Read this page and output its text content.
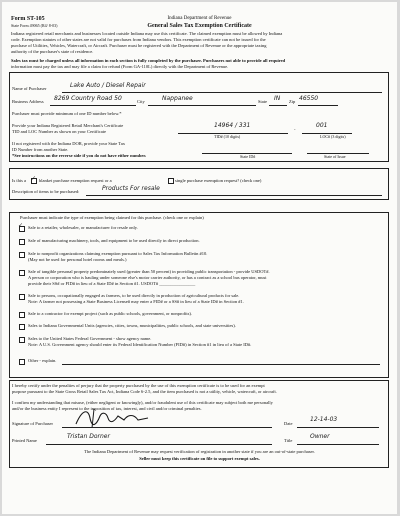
Form ST-105
State Form 49065 (R4/ 8-03)
Indiana Department of Revenue
General Sales Tax Exemption Certificate
Indiana registered retail merchants and businesses located outside Indiana may use this certificate. The claimed exemption must be allowed by Indiana
code. Exemption statutes of other states are not valid for purchases from Indiana vendors. This exemption certificate can not be issued for the
purchase of Utilities, Vehicles, Watercraft, or Aircraft. Purchaser must be registered with the Department of Revenue or the appropriate taxing
authority of the purchaser's state of residence.
Sales tax must be charged unless all information in each section is fully completed by the purchaser. Purchasers not able to provide all required
information must pay the tax and may file a claim for refund (Form GA-110L) directly with the Department of Revenue.
Name of Purchaser	Lake Auto / Diesel Repair
Business Address 8269 Country Road 50	City	Nappanee	State IN Zip 46550
Purchaser must provide minimum of one ID number below.*
Provide your Indiana Registered Retail Merchant's Certificate
TID and LOC Number as shown on your Certificate
14964 / 331
-
001
TID# (10 digits)	LOC# (3 digits)
If not registered with the Indiana DOR, provide your State Tax
ID Number from another State.
*See instructions on the reverse side if you do not have either number.	State ID#	State of Issue
Is this a ✓ blanket purchase exemption request or a	single purchase exemption request? (check one)
Description of items to be purchased:	Products For resale
Purchaser must indicate the type of exemption being claimed for this purchase. (check one or explain)
✓ Sale to a retailer, wholesaler, or manufacturer for resale only.
Sale of manufacturing machinery, tools, and equipment to be used directly in direct production.
Sale to nonprofit organizations claiming exemption pursuant to Sales Tax Information Bulletin #10.
(May not be used for personal hotel rooms and meals.)
Sale of tangible personal property predominately used (greater than 50 percent) in providing public transportation - provide USDOT#.
A person or corporation who is hauling under someone else's motor carrier authority, or has a contract as a school bus operator, must
provide their SS# or FID# in lieu of a State ID# in Section #1. USDOT# ________________
Sale to persons, occupationally engaged as farmers, to be used directly in production of agricultural products for sale.
Note: A farmer not possessing a State Business License# may enter a FID# or a SS# in lieu of a State ID# in Section #1.
Sale to a contractor for exempt project (such as public schools, government, or nonprofits).
Sales to Indiana Governmental Units (agencies, cities, towns, municipalities, public schools, and state universities).
Sales to the United States Federal Government - show agency name.
Note: A U.S. Government agency should enter its Federal Identification Number (FID#) in Section #1 in lieu of a State ID#.
Other - explain.
I hereby certify under the penalties of perjury that the property purchased by the use of this exemption certificate is to be used for an exempt
purpose pursuant to the State Gross Retail Sales Tax Act, Indiana Code 6-2.5, and the item purchased is not a utility, vehicle, watercraft, or aircraft.
I confirm my understanding that misuse, (either negligent or knowingly), and/or fraudulent use of this certificate may subject both me personally
and/or the business entity I represent to the imposition of tax, interest, and civil and/or criminal penalties.
Signature of Purchaser	Date
12-14-03
Printed Name
Tristan Dorner
Title
Owner
The Indiana Department of Revenue may request verification of registration in another state if you are an out-of-state purchaser.
Seller must keep this certificate on file to support exempt sales.
